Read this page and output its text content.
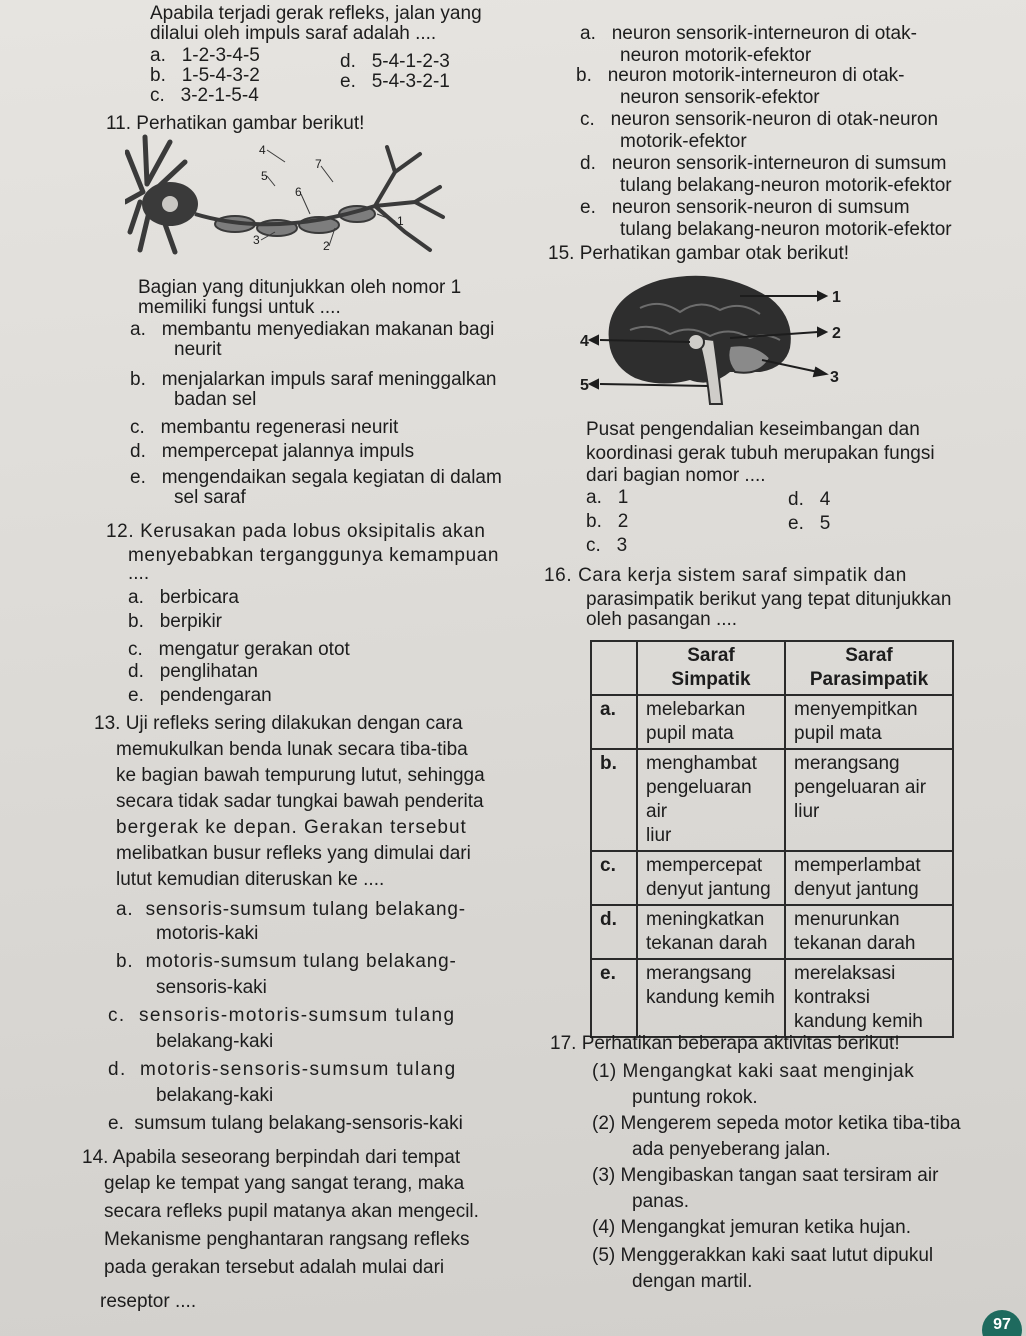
Apabila terjadi gerak refleks, jalan yang
dilalui oleh impuls saraf adalah ....
a. 1-2-3-4-5
b. 1-5-4-3-2
c. 3-2-1-5-4
d. 5-4-1-2-3
e. 5-4-3-2-1
11. Perhatikan gambar berikut!
4
7
5
6
1
3	2
Bagian yang ditunjukkan oleh nomor 1
memiliki fungsi untuk ....
a. membantu menyediakan makanan bagi
neurit
b. menjalarkan impuls saraf meninggalkan
badan sel
c. membantu regenerasi neurit
d. mempercepat jalannya impuls
e. mengendaikan segala kegiatan di dalam
sel saraf
12. Kerusakan pada lobus oksipitalis akan
menyebabkan terganggunya kemampuan
....
a. berbicara
b. berpikir
c. mengatur gerakan otot
d. penglihatan
e. pendengaran
13. Uji refleks sering dilakukan dengan cara
memukulkan benda lunak secara tiba-tiba
ke bagian bawah tempurung lutut, sehingga
secara tidak sadar tungkai bawah penderita
bergerak ke depan. Gerakan tersebut
melibatkan busur refleks yang dimulai dari
lutut kemudian diteruskan ke ....
a. sensoris-sumsum tulang belakang-
motoris-kaki
b. motoris-sumsum tulang belakang-
sensoris-kaki
c. sensoris-motoris-sumsum tulang
belakang-kaki
d. motoris-sensoris-sumsum tulang
belakang-kaki
e. sumsum tulang belakang-sensoris-kaki
14. Apabila seseorang berpindah dari tempat
gelap ke tempat yang sangat terang, maka
secara refleks pupil matanya akan mengecil.
Mekanisme penghantaran rangsang refleks
pada gerakan tersebut adalah mulai dari
reseptor ....
a. neuron sensorik-interneuron di otak-
neuron motorik-efektor
b. neuron motorik-interneuron di otak-
neuron sensorik-efektor
c. neuron sensorik-neuron di otak-neuron
motorik-efektor
d. neuron sensorik-interneuron di sumsum
tulang belakang-neuron motorik-efektor
e. neuron sensorik-neuron di sumsum
tulang belakang-neuron motorik-efektor
15. Perhatikan gambar otak berikut!
1
2
3
4
5
Pusat pengendalian keseimbangan dan
koordinasi gerak tubuh merupakan fungsi
dari bagian nomor ....
a. 1
b. 2
c. 3
d. 4
e. 5
16. Cara kerja sistem saraf simpatik dan
parasimpatik berikut yang tepat ditunjukkan
oleh pasangan ....
	Saraf Simpatik	Saraf
Parasimpatik
a.	melebarkan
pupil mata	menyempitkan
pupil mata
b.	menghambat
pengeluaran air
liur	merangsang
pengeluaran air
liur
c.	mempercepat
denyut jantung	memperlambat
denyut jantung
d.	meningkatkan
tekanan darah	menurunkan
tekanan darah
e.	merangsang
kandung kemih	merelaksasi
kontraksi
kandung kemih
17. Perhatikan beberapa aktivitas berikut!
(1) Mengangkat kaki saat menginjak
puntung rokok.
(2) Mengerem sepeda motor ketika tiba-tiba
ada penyeberang jalan.
(3) Mengibaskan tangan saat tersiram air
panas.
(4) Mengangkat jemuran ketika hujan.
(5) Menggerakkan kaki saat lutut dipukul
dengan martil.
97
